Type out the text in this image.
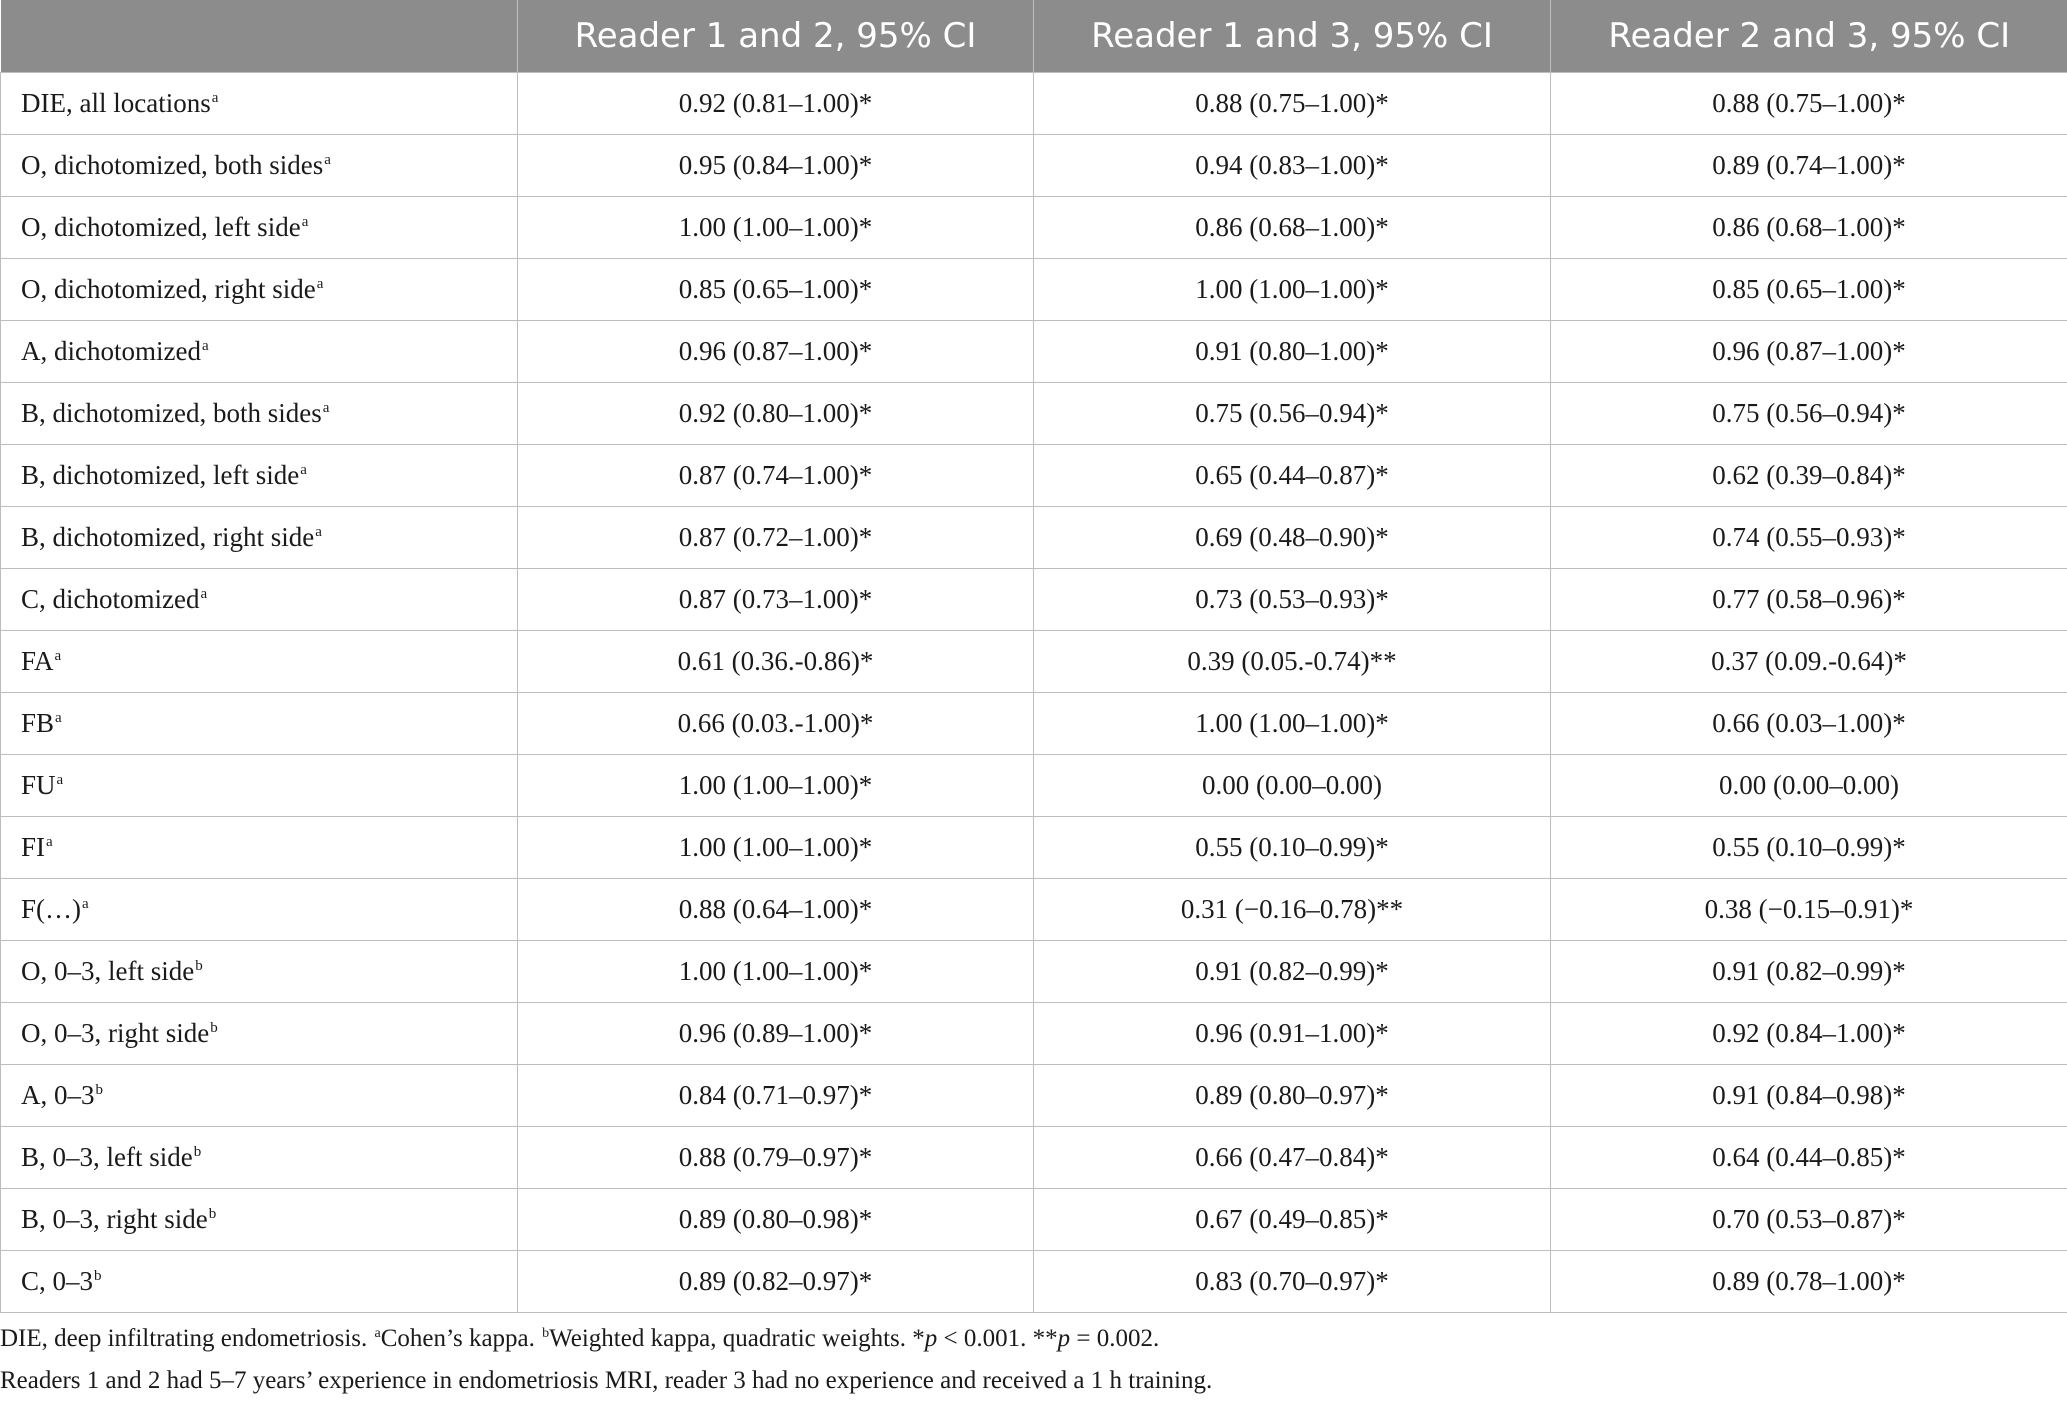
	Reader 1 and 2, 95% CI	Reader 1 and 3, 95% CI	Reader 2 and 3, 95% CI
DIE, all locations$^a$	0.92 (0.81–1.00)*	0.88 (0.75–1.00)*	0.88 (0.75–1.00)*
O, dichotomized, both sides$^a$	0.95 (0.84–1.00)*	0.94 (0.83–1.00)*	0.89 (0.74–1.00)*
O, dichotomized, left side$^a$	1.00 (1.00–1.00)*	0.86 (0.68–1.00)*	0.86 (0.68–1.00)*
O, dichotomized, right side$^a$	0.85 (0.65–1.00)*	1.00 (1.00–1.00)*	0.85 (0.65–1.00)*
A, dichotomized$^a$	0.96 (0.87–1.00)*	0.91 (0.80–1.00)*	0.96 (0.87–1.00)*
B, dichotomized, both sides$^a$	0.92 (0.80–1.00)*	0.75 (0.56–0.94)*	0.75 (0.56–0.94)*
B, dichotomized, left side$^a$	0.87 (0.74–1.00)*	0.65 (0.44–0.87)*	0.62 (0.39–0.84)*
B, dichotomized, right side$^a$	0.87 (0.72–1.00)*	0.69 (0.48–0.90)*	0.74 (0.55–0.93)*
C, dichotomized$^a$	0.87 (0.73–1.00)*	0.73 (0.53–0.93)*	0.77 (0.58–0.96)*
$FA^a$	0.61 (0.36.-0.86)*	0.39 (0.05.-0.74)**	0.37 (0.09.-0.64)*
$FB^a$	0.66 (0.03.-1.00)*	1.00 (1.00–1.00)*	0.66 (0.03–1.00)*
$FU^a$	1.00 (1.00–1.00)*	0.00 (0.00–0.00)	0.00 (0.00–0.00)
$FI^a$	1.00 (1.00–1.00)*	0.55 (0.10–0.99)*	0.55 (0.10–0.99)*
F(…)$^a$	0.88 (0.64–1.00)*	0.31 (−0.16–0.78)**	0.38 (−0.15–0.91)*
O, 0–3, left side$^b$	1.00 (1.00–1.00)*	0.91 (0.82–0.99)*	0.91 (0.82–0.99)*
O, 0–3, right side$^b$	0.96 (0.89–1.00)*	0.96 (0.91–1.00)*	0.92 (0.84–1.00)*
A, 0–3$^b$	0.84 (0.71–0.97)*	0.89 (0.80–0.97)*	0.91 (0.84–0.98)*
B, 0–3, left side$^b$	0.88 (0.79–0.97)*	0.66 (0.47–0.84)*	0.64 (0.44–0.85)*
B, 0–3, right side$^b$	0.89 (0.80–0.98)*	0.67 (0.49–0.85)*	0.70 (0.53–0.87)*
C, 0–3$^b$	0.89 (0.82–0.97)*	0.83 (0.70–0.97)*	0.89 (0.78–1.00)*

DIE, deep infiltrating endometriosis. $^a$Cohen’s kappa. $^b$Weighted kappa, quadratic weights. *p < 0.001. **p = 0.002.

Readers 1 and 2 had 5–7 years’ experience in endometriosis MRI, reader 3 had no experience and received a 1 h training.
